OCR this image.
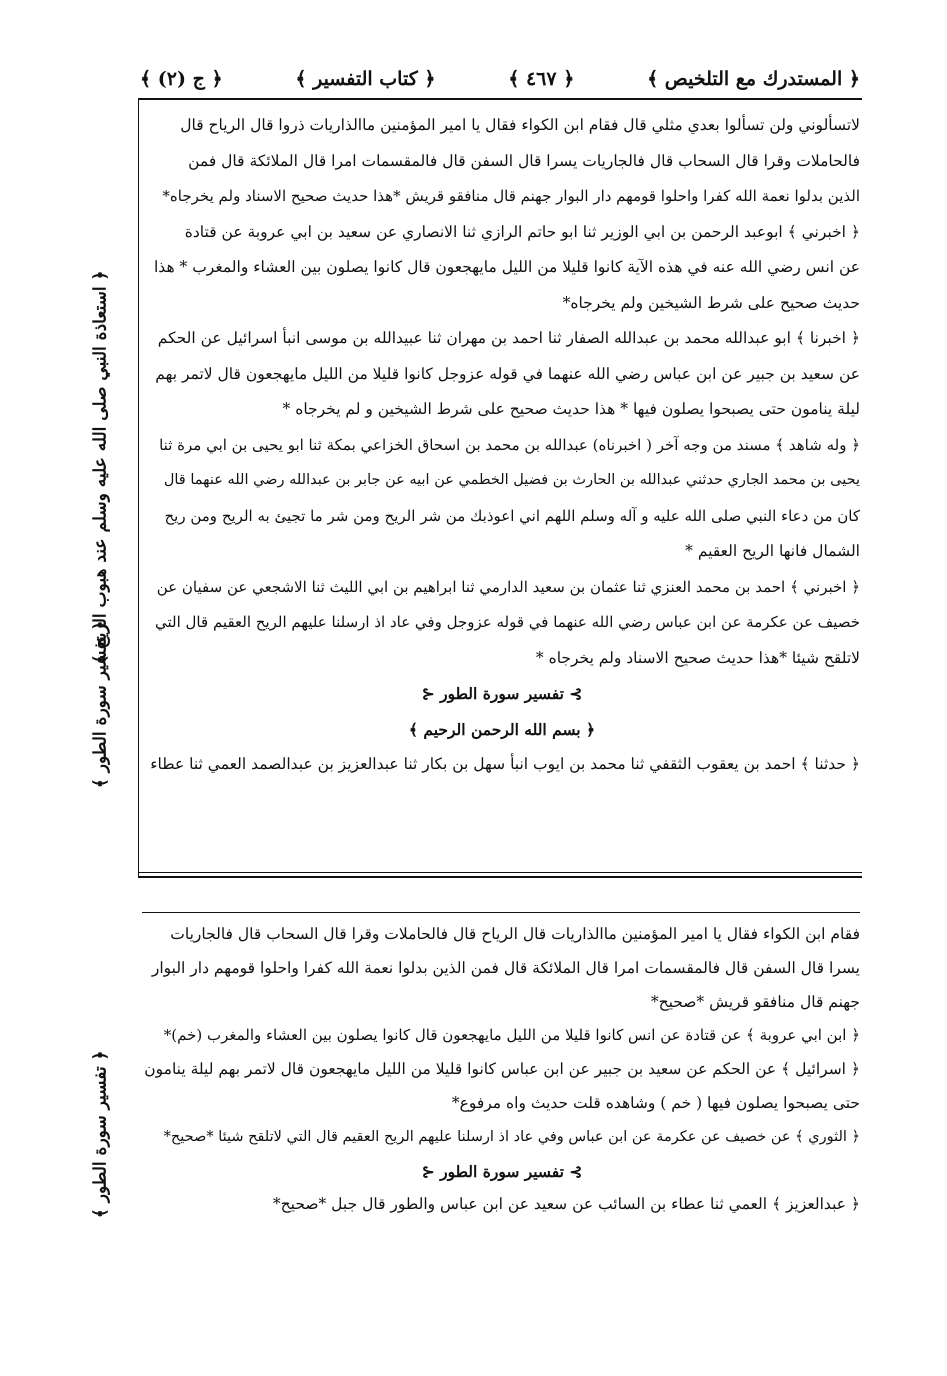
﴿ المستدرك مع التلخيص ﴾
﴿ ٤٦٧ ﴾
﴿ كتاب التفسير ﴾
﴿ ج (٢) ﴾
﴿ استعاذة النبي صلى الله عليه وسلم عند هبوب الريح ﴾
﴿ تفسير سورة الطور ﴾
﴿ تفسير سورة الطور ﴾
لاتسألوني ولن تسألوا بعدي مثلي قال فقام ابن الكواء فقال يا امير المؤمنين ماالذاريات ذروا قال الرياح قال
فالحاملات وقرا قال السحاب قال فالجاريات يسرا قال السفن قال فالمقسمات امرا قال الملائكة قال فمن
الذين بدلوا نعمة الله كفرا واحلوا قومهم دار البوار جهنم قال منافقو قريش *هذا حديث صحيح الاسناد ولم يخرجاه*
﴿ اخبرني ﴾ ابوعبد الرحمن بن ابي الوزير ثنا ابو حاتم الرازي ثنا الانصاري عن سعيد بن ابي عروبة عن قتادة
عن انس رضي الله عنه في هذه الآية كانوا قليلا من الليل مايهجعون قال كانوا يصلون بين العشاء والمغرب * هذا
حديث صحيح على شرط الشيخين ولم يخرجاه*
﴿ اخبرنا ﴾ ابو عبدالله محمد بن عبدالله الصفار ثنا احمد بن مهران ثنا عبيدالله بن موسى انبأ اسرائيل عن الحكم
عن سعيد بن جبير عن ابن عباس رضي الله عنهما في قوله عزوجل كانوا قليلا من الليل مايهجعون قال لاتمر بهم
ليلة ينامون حتى يصبحوا يصلون فيها * هذا حديث صحيح على شرط الشيخين و لم يخرجاه *
﴿ وله شاهد ﴾ مسند من وجه آخر ( اخبرناه) عبدالله بن محمد بن اسحاق الخزاعي بمكة ثنا ابو يحيى بن ابي مرة ثنا
يحيى بن محمد الجاري حدثني عبدالله بن الحارث بن فضيل الخطمي عن ابيه عن جابر بن عبدالله رضي الله عنهما قال
كان من دعاء النبي صلى الله عليه و آله وسلم اللهم اني اعوذبك من شر الريح ومن شر ما تجيئ به الريح ومن ريح
الشمال فانها الريح العقيم *
﴿ اخبرني ﴾ احمد بن محمد العنزي ثنا عثمان بن سعيد الدارمي ثنا ابراهيم بن ابي الليث ثنا الاشجعي عن سفيان عن
خصيف عن عكرمة عن ابن عباس رضي الله عنهما في قوله عزوجل وفي عاد اذ ارسلنا عليهم الريح العقيم قال التي
لاتلقح شيئا *هذا حديث صحيح الاسناد ولم يخرجاه *
⊱ تفسير سورة الطور ⊰
﴿ بسم الله الرحمن الرحيم ﴾
﴿ حدثنا ﴾ احمد بن يعقوب الثقفي ثنا محمد بن ايوب انبأ سهل بن بكار ثنا عبدالعزيز بن عبدالصمد العمي ثنا عطاء
فقام ابن الكواء فقال يا امير المؤمنين ماالذاريات قال الرياح قال فالحاملات وقرا قال السحاب قال فالجاريات
يسرا قال السفن قال فالمقسمات امرا قال الملائكة قال فمن الذين بدلوا نعمة الله كفرا واحلوا قومهم دار البوار
جهنم قال منافقو قريش *صحيح*
﴿ ابن ابي عروبة ﴾ عن قتادة عن انس كانوا قليلا من الليل مايهجعون قال كانوا يصلون بين العشاء والمغرب (خم)*
﴿ اسرائيل ﴾ عن الحكم عن سعيد بن جبير عن ابن عباس كانوا قليلا من الليل مايهجعون قال لاتمر بهم ليلة ينامون
حتى يصبحوا يصلون فيها ( خم ) وشاهده قلت حديث واه مرفوع*
﴿ الثوري ﴾ عن خصيف عن عكرمة عن ابن عباس وفي عاد اذ ارسلنا عليهم الريح العقيم قال التي لاتلقح شيئا *صحيح*
⊱ تفسير سورة الطور ⊰
﴿ عبدالعزيز ﴾ العمي ثنا عطاء بن السائب عن سعيد عن ابن عباس والطور قال جبل *صحيح*
